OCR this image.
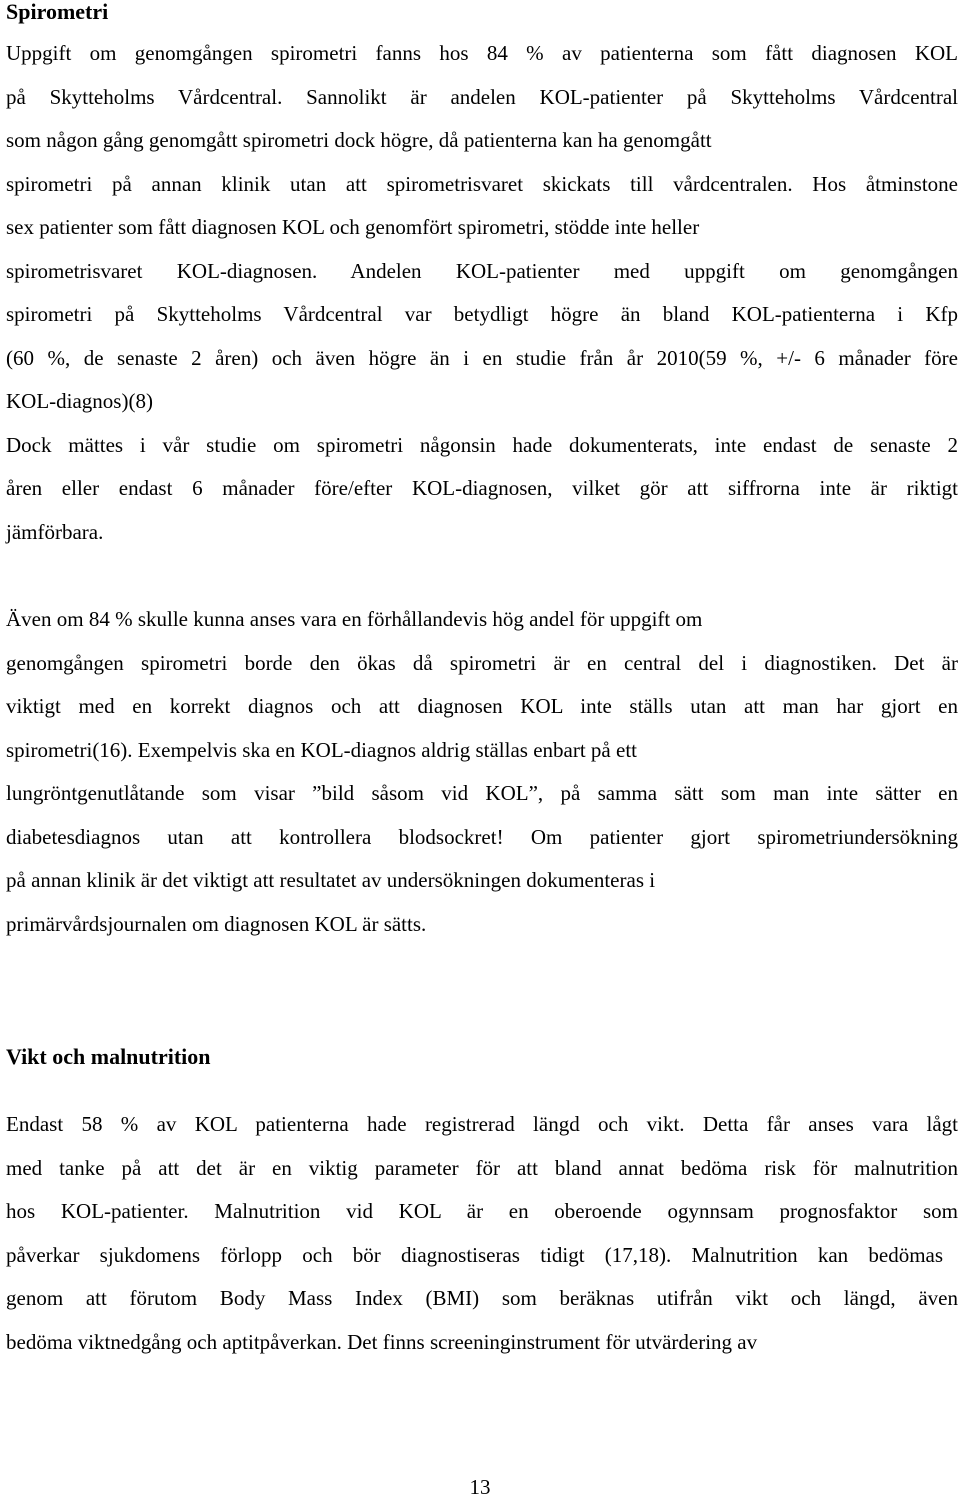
Spirometri

Uppgift om genomgången spirometri fanns hos 84 % av patienterna som fått diagnosen KOL
på Skytteholms Vårdcentral. Sannolikt är andelen KOL-patienter på Skytteholms Vårdcentral
som någon gång genomgått spirometri dock högre, då patienterna kan ha genomgått
spirometri på annan klinik utan att spirometrisvaret skickats till vårdcentralen. Hos åtminstone
sex patienter som fått diagnosen KOL och genomfört spirometri, stödde inte heller
spirometrisvaret KOL-diagnosen. Andelen KOL-patienter med uppgift om genomgången
spirometri på Skytteholms Vårdcentral var betydligt högre än bland KOL-patienterna i Kfp
(60 %, de senaste 2 åren) och även högre än i en studie från år 2010(59 %, +/- 6 månader före
KOL-diagnos)(8)
Dock mättes i vår studie om spirometri någonsin hade dokumenterats, inte endast de senaste 2
åren eller endast 6 månader före/efter KOL-diagnosen, vilket gör att siffrorna inte är riktigt
jämförbara.

Även om 84 % skulle kunna anses vara en förhållandevis hög andel för uppgift om
genomgången spirometri borde den ökas då spirometri är en central del i diagnostiken. Det är
viktigt med en korrekt diagnos och att diagnosen KOL inte ställs utan att man har gjort en
spirometri(16). Exempelvis ska en KOL-diagnos aldrig ställas enbart på ett
lungröntgenutlåtande som visar ”bild såsom vid KOL”, på samma sätt som man inte sätter en
diabetesdiagnos utan att kontrollera blodsockret! Om patienter gjort spirometriundersökning
på annan klinik är det viktigt att resultatet av undersökningen dokumenteras i
primärvårdsjournalen om diagnosen KOL är sätts.

Vikt och malnutrition

Endast 58 % av KOL patienterna hade registrerad längd och vikt. Detta får anses vara lågt
med tanke på att det är en viktig parameter för att bland annat bedöma risk för malnutrition
hos KOL-patienter. Malnutrition vid KOL är en oberoende ogynnsam prognosfaktor som
påverkar sjukdomens förlopp och bör diagnostiseras tidigt (17,18). Malnutrition kan bedömas
genom att förutom Body Mass Index (BMI) som beräknas utifrån vikt och längd, även
bedöma viktnedgång och aptitpåverkan. Det finns screeninginstrument för utvärdering av

13
